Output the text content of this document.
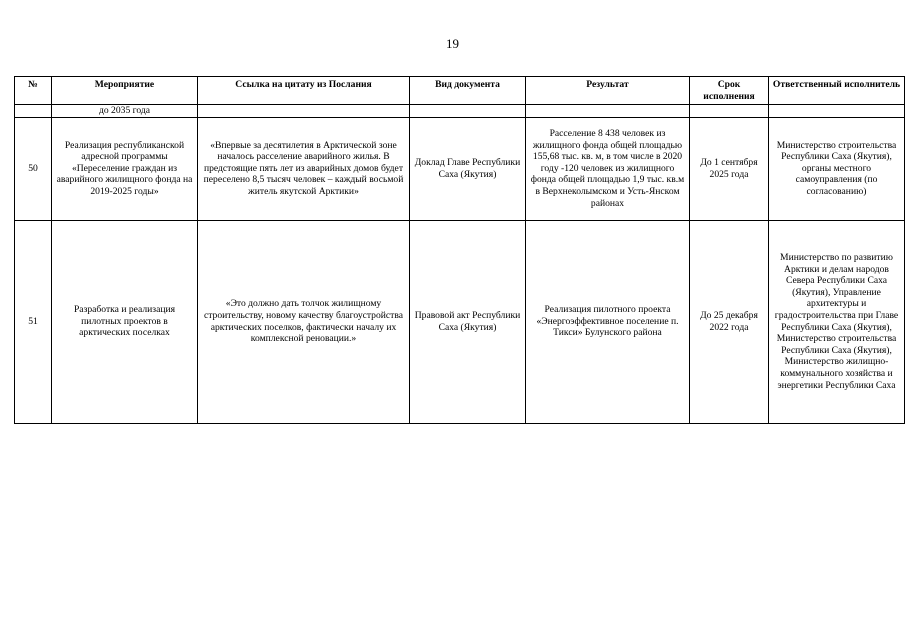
19
№	Мероприятие	Ссылка на цитату из Послания	Вид документа	Результат	Срок исполнения	Ответственный исполнитель
	до 2035 года					
50	Реализация республиканской адресной программы «Переселение граждан из аварийного жилищного фонда на 2019-2025 годы»	«Впервые за десятилетия в Арктической зоне началось расселение аварийного жилья. В предстоящие пять лет из аварийных домов будет переселено 8,5 тысяч человек – каждый восьмой житель якутской Арктики»	Доклад Главе Республики Саха (Якутия)	Расселение 8 438 человек из жилищного фонда общей площадью 155,68 тыс. кв. м, в том числе в 2020 году -120 человек из жилищного фонда общей площадью 1,9 тыс. кв.м в Верхнеколымском и Усть-Янском районах	До 1 сентября 2025 года	Министерство строительства Республики Саха (Якутия), органы местного самоуправления (по согласованию)
51	Разработка и реализация пилотных проектов в арктических поселках	«Это должно дать толчок жилищному строительству, новому качеству благоустройства арктических поселков, фактически началу их комплексной реновации.»	Правовой акт Республики Саха (Якутия)	Реализация пилотного проекта «Энергоэффективное поселение п. Тикси» Булунского района	До 25 декабря 2022 года	Министерство по развитию Арктики и делам народов Севера Республики Саха (Якутия), Управление архитектуры и градостроительства при Главе Республики Саха (Якутия), Министерство строительства Республики Саха (Якутия), Министерство жилищно-коммунального хозяйства и энергетики Республики Саха
